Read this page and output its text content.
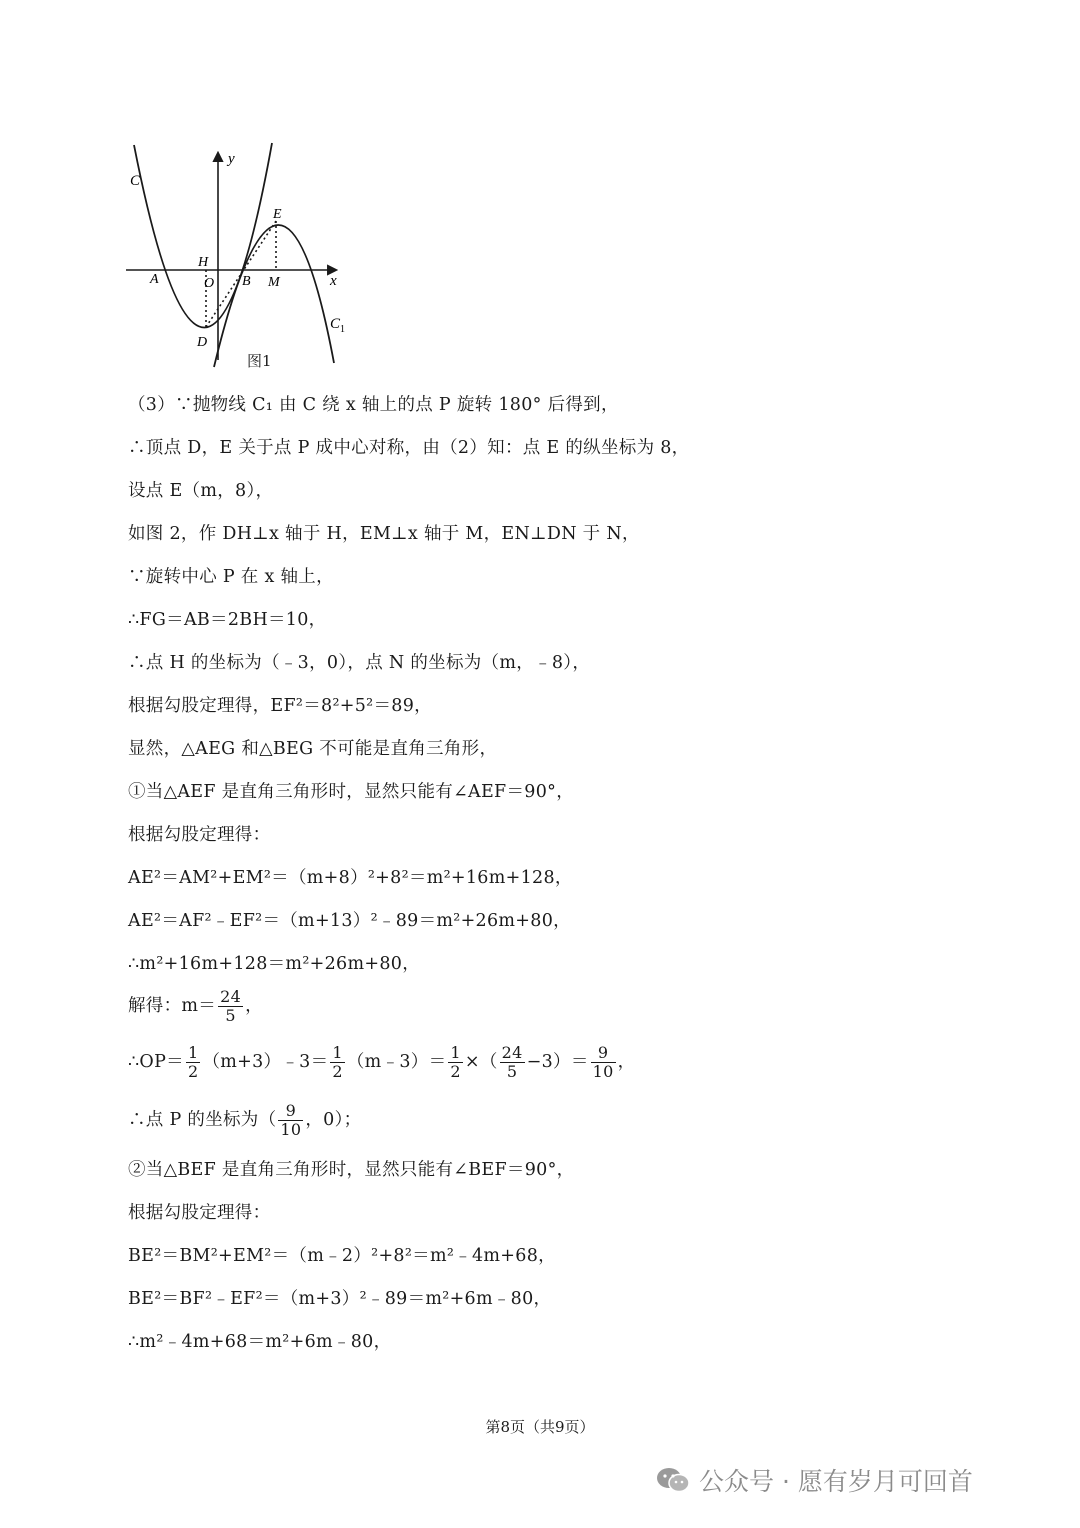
C
y
x
E
H
A	O B M
$C_1$
D
图1
（3）∵抛物线 C₁ 由 C 绕 x 轴上的点 P 旋转 180° 后得到，
∴顶点 D，E 关于点 P 成中心对称，由（2）知：点 E 的纵坐标为 8，
设点 E（m，8），
如图 2，作 DH⊥x 轴于 H，EM⊥x 轴于 M，EN⊥DN 于 N，
∵旋转中心 P 在 x 轴上，
∴FG＝AB＝2BH＝10，
∴点 H 的坐标为（﹣3，0），点 N 的坐标为（m，﹣8），
根据勾股定理得，EF²＝8²+5²＝89，
显然，△AEG 和△BEG 不可能是直角三角形，
①当△AEF 是直角三角形时，显然只能有∠AEF＝90°，
根据勾股定理得：
AE²＝AM²+EM²＝（m+8）²+8²＝m²+16m+128，
AE²＝AF²﹣EF²＝（m+13）²﹣89＝m²+26m+80，
∴m²+16m+128＝m²+26m+80，
解得：$m= \frac{24}{5}$ ，
∴OP＝ $\frac{1}{2}$ （m+3）﹣3＝ $\frac{1}{2}$ （m﹣3）＝ $\frac{1}{2}$ ×（ $\frac{24}{5} -3)= \frac{9}{10}$ ，
∴点 P 的坐标为（ $\frac{9}{10}$ ，0）；
②当△BEF 是直角三角形时，显然只能有∠BEF＝90°，
根据勾股定理得：
BE²＝BM²+EM²＝（m﹣2）²+8²＝m²﹣4m+68，
BE²＝BF²﹣EF²＝（m+3）²﹣89＝m²+6m﹣80，
∴m²﹣4m+68＝m²+6m﹣80，
第8页（共9页）
公众号 · 愿有岁月可回首
